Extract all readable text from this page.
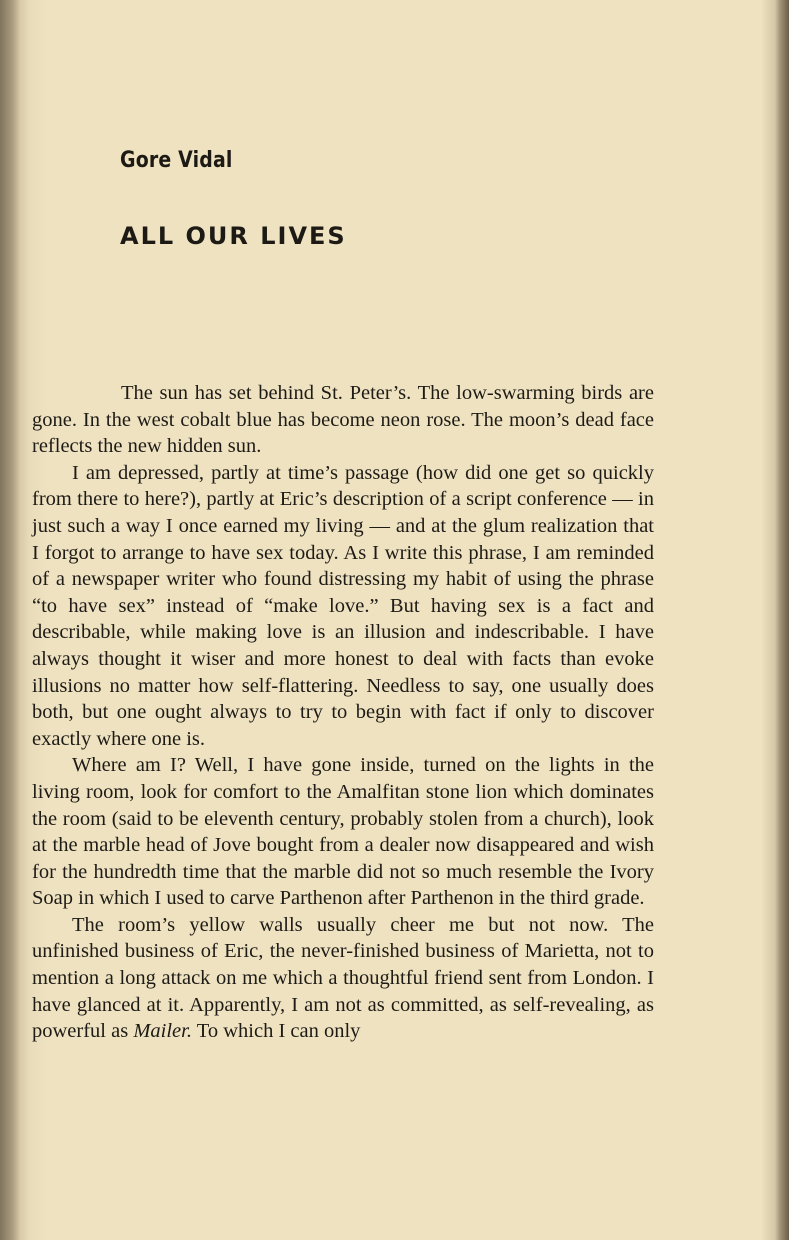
Gore Vidal
ALL OUR LIVES

The sun has set behind St. Peter’s. The low-swarming birds are gone. In the west cobalt blue has become neon rose. The moon’s dead face reflects the new hidden sun.

I am depressed, partly at time’s passage (how did one get so quickly from there to here?), partly at Eric’s description of a script conference — in just such a way I once earned my living — and at the glum realization that I forgot to arrange to have sex today. As I write this phrase, I am reminded of a newspaper writer who found distressing my habit of using the phrase “to have sex” instead of “make love.” But having sex is a fact and describable, while making love is an illusion and indescribable. I have always thought it wiser and more honest to deal with facts than evoke illusions no matter how self-flattering. Needless to say, one usually does both, but one ought always to try to begin with fact if only to discover exactly where one is.

Where am I? Well, I have gone inside, turned on the lights in the living room, look for comfort to the Amalfitan stone lion which dominates the room (said to be eleventh century, probably stolen from a church), look at the marble head of Jove bought from a dealer now disappeared and wish for the hundredth time that the marble did not so much resemble the Ivory Soap in which I used to carve Parthenon after Parthenon in the third grade.

The room’s yellow walls usually cheer me but not now. The unfinished business of Eric, the never-finished business of Marietta, not to mention a long attack on me which a thoughtful friend sent from London. I have glanced at it. Apparently, I am not as committed, as self-revealing, as powerful as Mailer. To which I can only
